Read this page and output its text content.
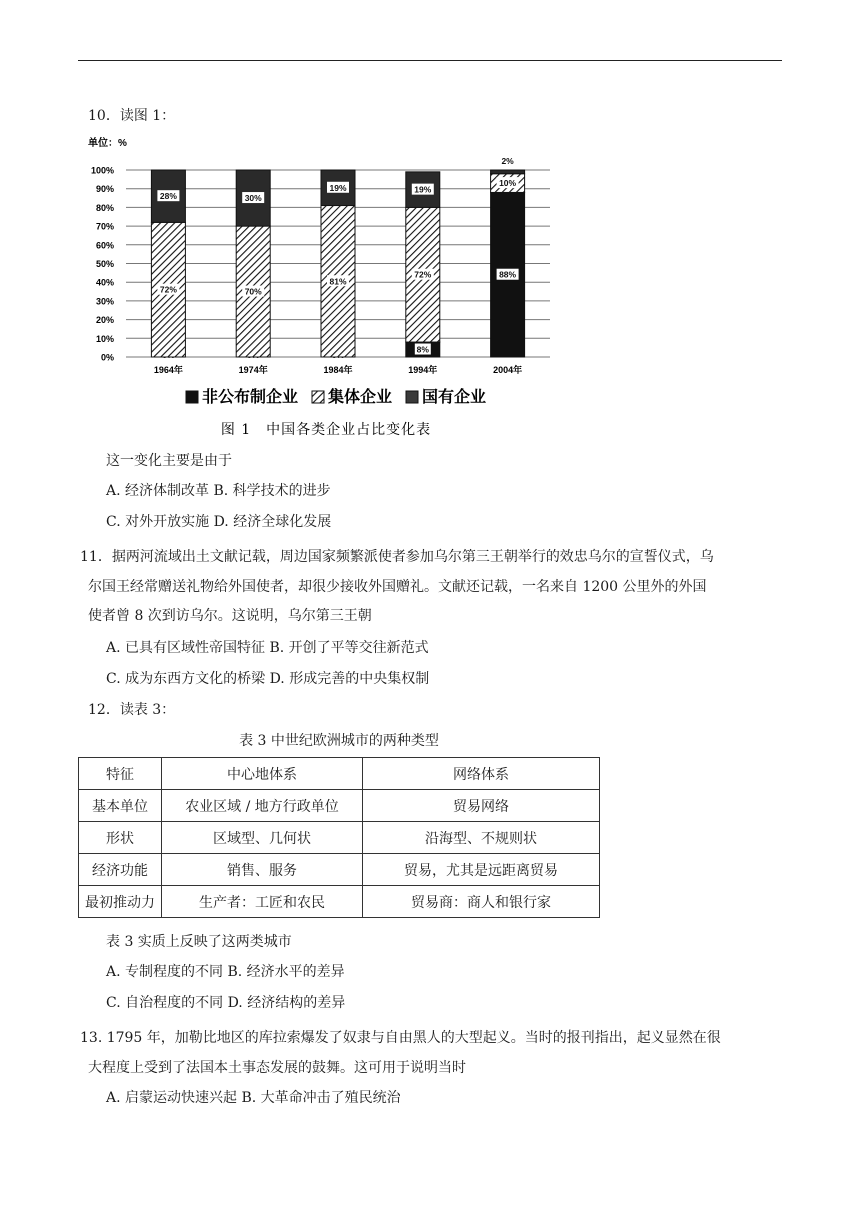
10．读图 1：
单位：%
0%
10%
20%
30%
40%
50%
60%
70%
80%
90%
100%
72%
28%
70%
30%
81%
19%
8%
72%
19%
88%
10%
2%
1964年	1974年	1984年	1994年	2004年
非公布制企业 集体企业 国有企业
图 1　中国各类企业占比变化表
这一变化主要是由于
A. 经济体制改革 B. 科学技术的进步
C. 对外开放实施 D. 经济全球化发展
11．据两河流域出土文献记载，周边国家频繁派使者参加乌尔第三王朝举行的效忠乌尔的宣誓仪式，乌
尔国王经常赠送礼物给外国使者，却很少接收外国赠礼。文献还记载，一名来自 1200 公里外的外国
使者曾 8 次到访乌尔。这说明，乌尔第三王朝
A. 已具有区域性帝国特征 B. 开创了平等交往新范式
C. 成为东西方文化的桥梁 D. 形成完善的中央集权制
12．读表 3：
表 3 中世纪欧洲城市的两种类型
特征	中心地体系	网络体系
基本单位	农业区域 / 地方行政单位	贸易网络
形状	区域型、几何状	沿海型、不规则状
经济功能	销售、服务	贸易，尤其是远距离贸易
最初推动力	生产者：工匠和农民	贸易商：商人和银行家
表 3 实质上反映了这两类城市
A. 专制程度的不同 B. 经济水平的差异
C. 自治程度的不同 D. 经济结构的差异
13. 1795 年，加勒比地区的库拉索爆发了奴隶与自由黑人的大型起义。当时的报刊指出，起义显然在很
大程度上受到了法国本土事态发展的鼓舞。这可用于说明当时
A. 启蒙运动快速兴起 B. 大革命冲击了殖民统治
